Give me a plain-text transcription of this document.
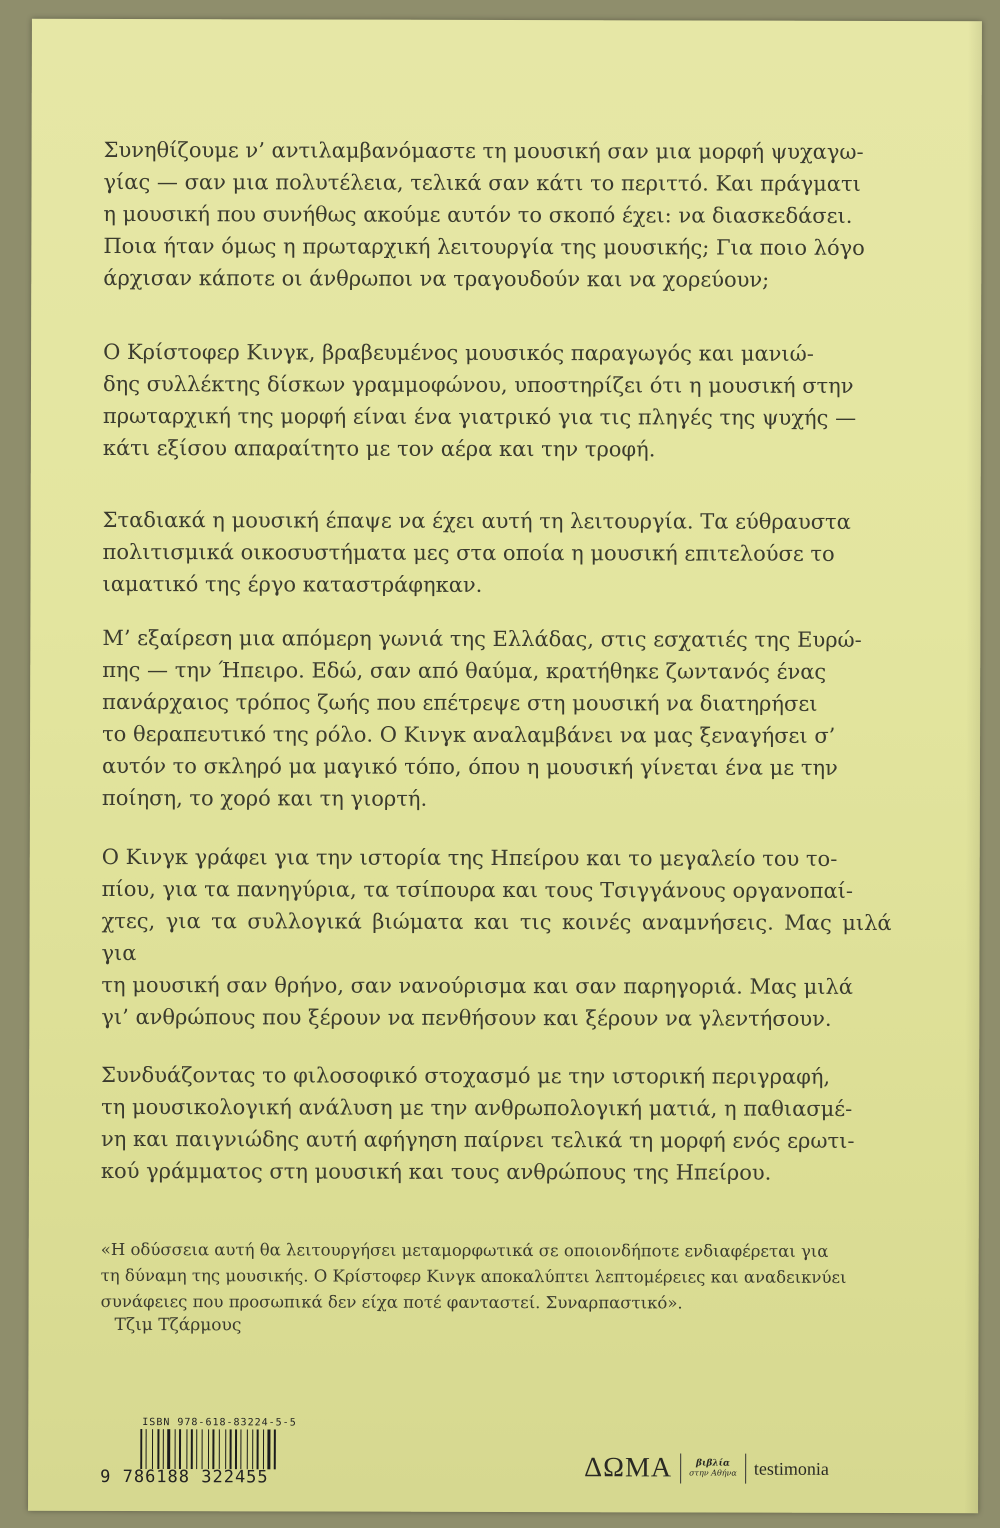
Συνηθίζουμε ν’ αντιλαμβανόμαστε τη μουσική σαν μια μορφή ψυχαγω-
γίας — σαν μια πολυτέλεια, τελικά σαν κάτι το περιττό. Και πράγματι
η μουσική που συνήθως ακούμε αυτόν το σκοπό έχει: να διασκεδάσει.
Ποια ήταν όμως η πρωταρχική λειτουργία της μουσικής; Για ποιο λόγο
άρχισαν κάποτε οι άνθρωποι να τραγουδούν και να χορεύουν;

Ο Κρίστοφερ Κινγκ, βραβευμένος μουσικός παραγωγός και μανιώ-
δης συλλέκτης δίσκων γραμμοφώνου, υποστηρίζει ότι η μουσική στην
πρωταρχική της μορφή είναι ένα γιατρικό για τις πληγές της ψυχής —
κάτι εξίσου απαραίτητο με τον αέρα και την τροφή.

Σταδιακά η μουσική έπαψε να έχει αυτή τη λειτουργία. Τα εύθραυστα
πολιτισμικά οικοσυστήματα μες στα οποία η μουσική επιτελούσε το
ιαματικό της έργο καταστράφηκαν.

Μ’ εξαίρεση μια απόμερη γωνιά της Ελλάδας, στις εσχατιές της Ευρώ-
πης — την Ήπειρο. Εδώ, σαν από θαύμα, κρατήθηκε ζωντανός ένας
πανάρχαιος τρόπος ζωής που επέτρεψε στη μουσική να διατηρήσει
το θεραπευτικό της ρόλο. Ο Κινγκ αναλαμβάνει να μας ξεναγήσει σ’
αυτόν το σκληρό μα μαγικό τόπο, όπου η μουσική γίνεται ένα με την
ποίηση, το χορό και τη γιορτή.

Ο Κινγκ γράφει για την ιστορία της Ηπείρου και το μεγαλείο του το-
πίου, για τα πανηγύρια, τα τσίπουρα και τους Τσιγγάνους οργανοπαί-
χτες, για τα συλλογικά βιώματα και τις κοινές αναμνήσεις. Μας μιλά για
τη μουσική σαν θρήνο, σαν νανούρισμα και σαν παρηγοριά. Μας μιλά
γι’ ανθρώπους που ξέρουν να πενθήσουν και ξέρουν να γλεντήσουν.

Συνδυάζοντας το φιλοσοφικό στοχασμό με την ιστορική περιγραφή,
τη μουσικολογική ανάλυση με την ανθρωπολογική ματιά, η παθιασμέ-
νη και παιγνιώδης αυτή αφήγηση παίρνει τελικά τη μορφή ενός ερωτι-
κού γράμματος στη μουσική και τους ανθρώπους της Ηπείρου.

«Η οδύσσεια αυτή θα λειτουργήσει μεταμορφωτικά σε οποιονδήποτε ενδιαφέρεται για
τη δύναμη της μουσικής. Ο Κρίστοφερ Κινγκ αποκαλύπτει λεπτομέρειες και αναδεικνύει
συνάφειες που προσωπικά δεν είχα ποτέ φανταστεί. Συναρπαστικό».

Τζιμ Τζάρμους

ISBN 978-618-83224-5-5
9 786188 322455	ΔΩΜΑ	βιβλία
στην Αθήνα testimonia
